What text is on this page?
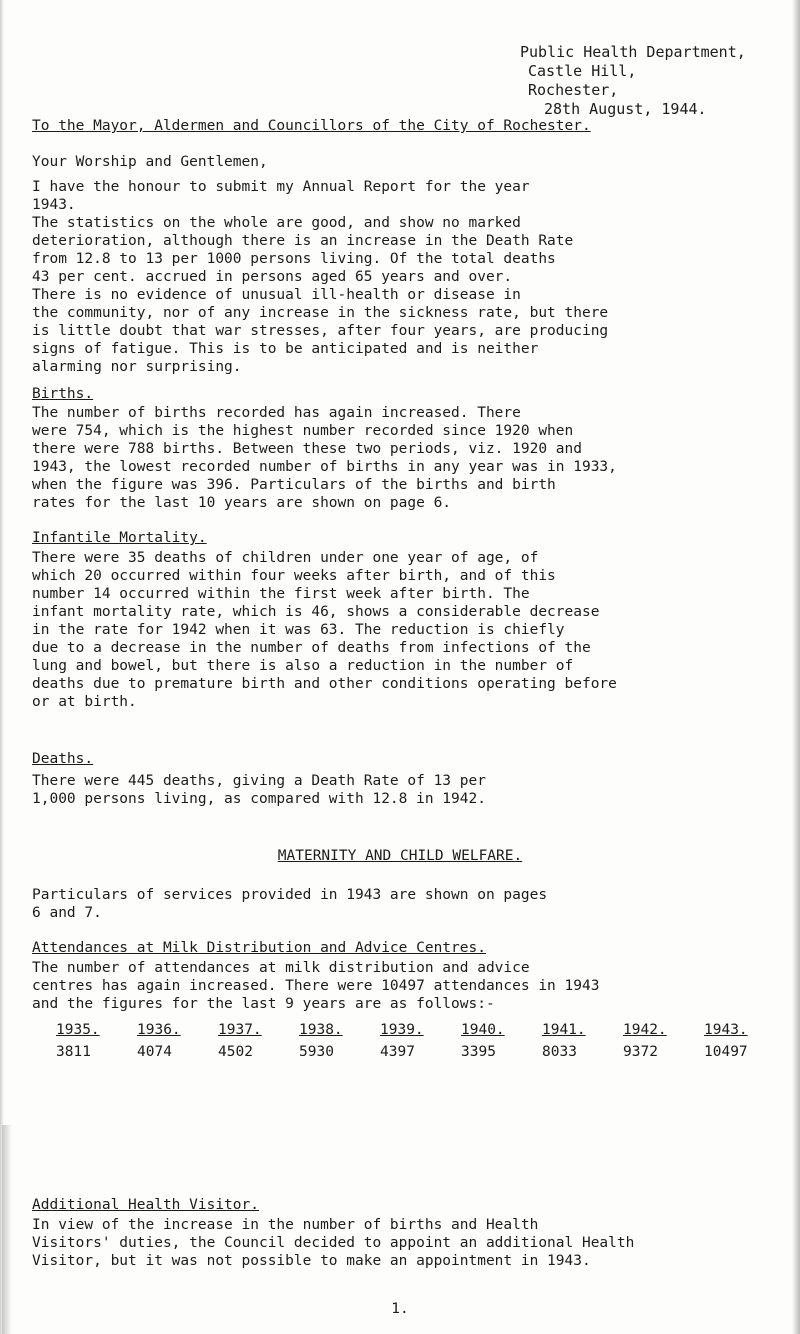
Public Health Department,
Castle Hill,
Rochester,
28th August, 1944.
To the Mayor, Aldermen and Councillors of the City of Rochester.
Your Worship and Gentlemen,

I have the honour to submit my Annual Report for the year

1943.

The statistics on the whole are good, and show no marked

deterioration, although there is an increase in the Death Rate

from 12.8 to 13 per 1000 persons living. Of the total deaths

43 per cent. accrued in persons aged 65 years and over.

There is no evidence of unusual ill-health or disease in

the community, nor of any increase in the sickness rate, but there

is little doubt that war stresses, after four years, are producing

signs of fatigue. This is to be anticipated and is neither

alarming nor surprising.

Births.

The number of births recorded has again increased. There

were 754, which is the highest number recorded since 1920 when

there were 788 births. Between these two periods, viz. 1920 and

1943, the lowest recorded number of births in any year was in 1933,

when the figure was 396. Particulars of the births and birth

rates for the last 10 years are shown on page 6.

Infantile Mortality.

There were 35 deaths of children under one year of age, of

which 20 occurred within four weeks after birth, and of this

number 14 occurred within the first week after birth. The

infant mortality rate, which is 46, shows a considerable decrease

in the rate for 1942 when it was 63. The reduction is chiefly

due to a decrease in the number of deaths from infections of the

lung and bowel, but there is also a reduction in the number of

deaths due to premature birth and other conditions operating before

or at birth.

Deaths.

There were 445 deaths, giving a Death Rate of 13 per

1,000 persons living, as compared with 12.8 in 1942.

MATERNITY AND CHILD WELFARE.

Particulars of services provided in 1943 are shown on pages

6 and 7.

Attendances at Milk Distribution and Advice Centres.

The number of attendances at milk distribution and advice

centres has again increased. There were 10497 attendances in 1943

and the figures for the last 9 years are as follows:-

1935.	1936.	1937.	1938.	1939.	1940.	1941.	1942.	1943.
3811	4074	4502	5930	4397	3395	8033	9372	10497
Additional Health Visitor.

In view of the increase in the number of births and Health

Visitors' duties, the Council decided to appoint an additional Health

Visitor, but it was not possible to make an appointment in 1943.

1.
